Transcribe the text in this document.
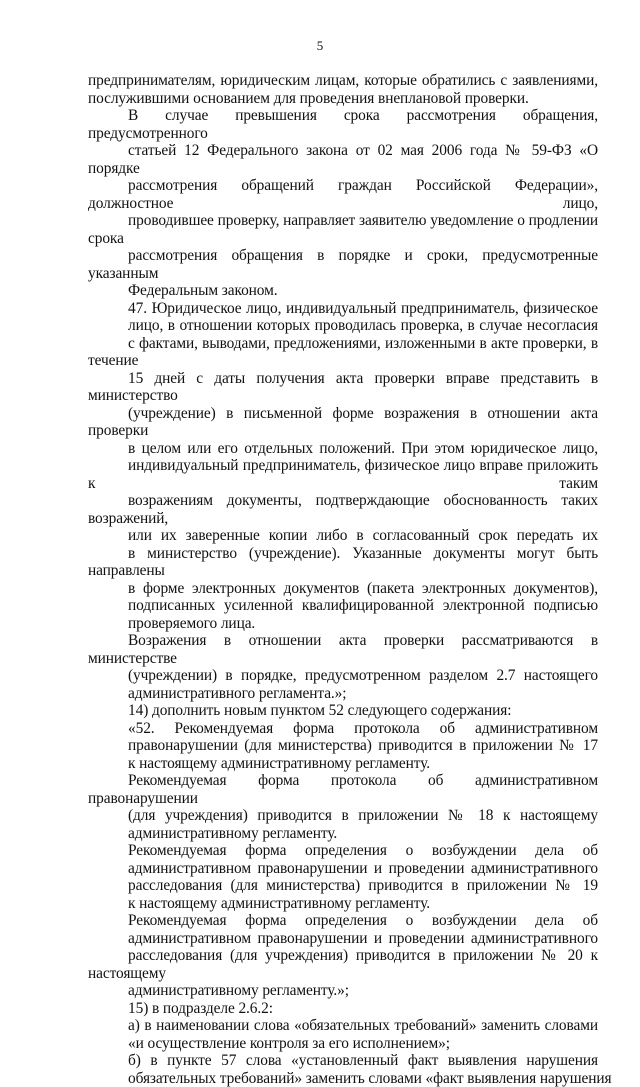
5
предпринимателям, юридическим лицам, которые обратились с заявлениями,
послужившими основанием для проведения внеплановой проверки.
В случае превышения срока рассмотрения обращения, предусмотренного
статьей 12 Федерального закона от 02 мая 2006 года № 59-ФЗ «О порядке
рассмотрения обращений граждан Российской Федерации», должностное лицо,
проводившее проверку, направляет заявителю уведомление о продлении срока
рассмотрения обращения в порядке и сроки, предусмотренные указанным
Федеральным законом.
47. Юридическое лицо, индивидуальный предприниматель, физическое
лицо, в отношении которых проводилась проверка, в случае несогласия
с фактами, выводами, предложениями, изложенными в акте проверки, в течение
15 дней с даты получения акта проверки вправе представить в министерство
(учреждение) в письменной форме возражения в отношении акта проверки
в целом или его отдельных положений. При этом юридическое лицо,
индивидуальный предприниматель, физическое лицо вправе приложить к таким
возражениям документы, подтверждающие обоснованность таких возражений,
или их заверенные копии либо в согласованный срок передать их
в министерство (учреждение). Указанные документы могут быть направлены
в форме электронных документов (пакета электронных документов),
подписанных усиленной квалифицированной электронной подписью
проверяемого лица.
Возражения в отношении акта проверки рассматриваются в министерстве
(учреждении) в порядке, предусмотренном разделом 2.7 настоящего
административного регламента.»;
14) дополнить новым пунктом 52 следующего содержания:
«52. Рекомендуемая форма протокола об административном
правонарушении (для министерства) приводится в приложении № 17
к настоящему административному регламенту.
Рекомендуемая форма протокола об административном правонарушении
(для учреждения) приводится в приложении № 18 к настоящему
административному регламенту.
Рекомендуемая форма определения о возбуждении дела об
административном правонарушении и проведении административного
расследования (для министерства) приводится в приложении № 19
к настоящему административному регламенту.
Рекомендуемая форма определения о возбуждении дела об
административном правонарушении и проведении административного
расследования (для учреждения) приводится в приложении № 20 к настоящему
административному регламенту.»;
15) в подразделе 2.6.2:
а) в наименовании слова «обязательных требований» заменить словами
«и осуществление контроля за его исполнением»;
б) в пункте 57 слова «установленный факт выявления нарушения
обязательных требований» заменить словами «факт выявления нарушения
